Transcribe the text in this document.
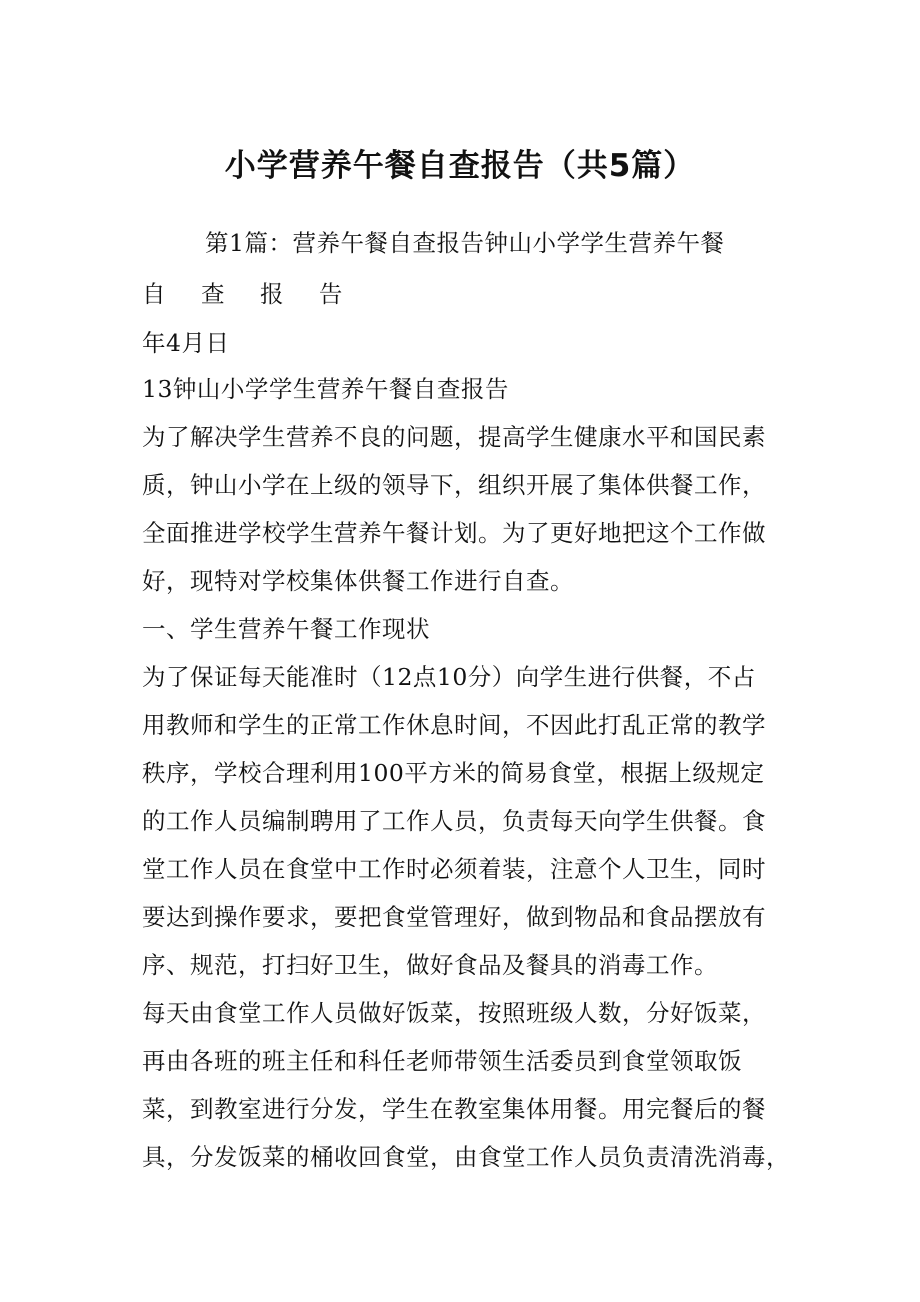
小学营养午餐自查报告（共5篇）

第1篇：营养午餐自查报告钟山小学学生营养午餐

自 查 报 告

年4月日

13钟山小学学生营养午餐自查报告

为了解决学生营养不良的问题，提高学生健康水平和国民素

质，钟山小学在上级的领导下，组织开展了集体供餐工作，

全面推进学校学生营养午餐计划。为了更好地把这个工作做

好，现特对学校集体供餐工作进行自查。

一、学生营养午餐工作现状

为了保证每天能准时（12点10分）向学生进行供餐，不占

用教师和学生的正常工作休息时间，不因此打乱正常的教学

秩序，学校合理利用100平方米的简易食堂，根据上级规定

的工作人员编制聘用了工作人员，负责每天向学生供餐。食

堂工作人员在食堂中工作时必须着装，注意个人卫生，同时

要达到操作要求，要把食堂管理好，做到物品和食品摆放有

序、规范，打扫好卫生，做好食品及餐具的消毒工作。

每天由食堂工作人员做好饭菜，按照班级人数，分好饭菜，

再由各班的班主任和科任老师带领生活委员到食堂领取饭

菜，到教室进行分发，学生在教室集体用餐。用完餐后的餐

具，分发饭菜的桶收回食堂，由食堂工作人员负责清洗消毒，
